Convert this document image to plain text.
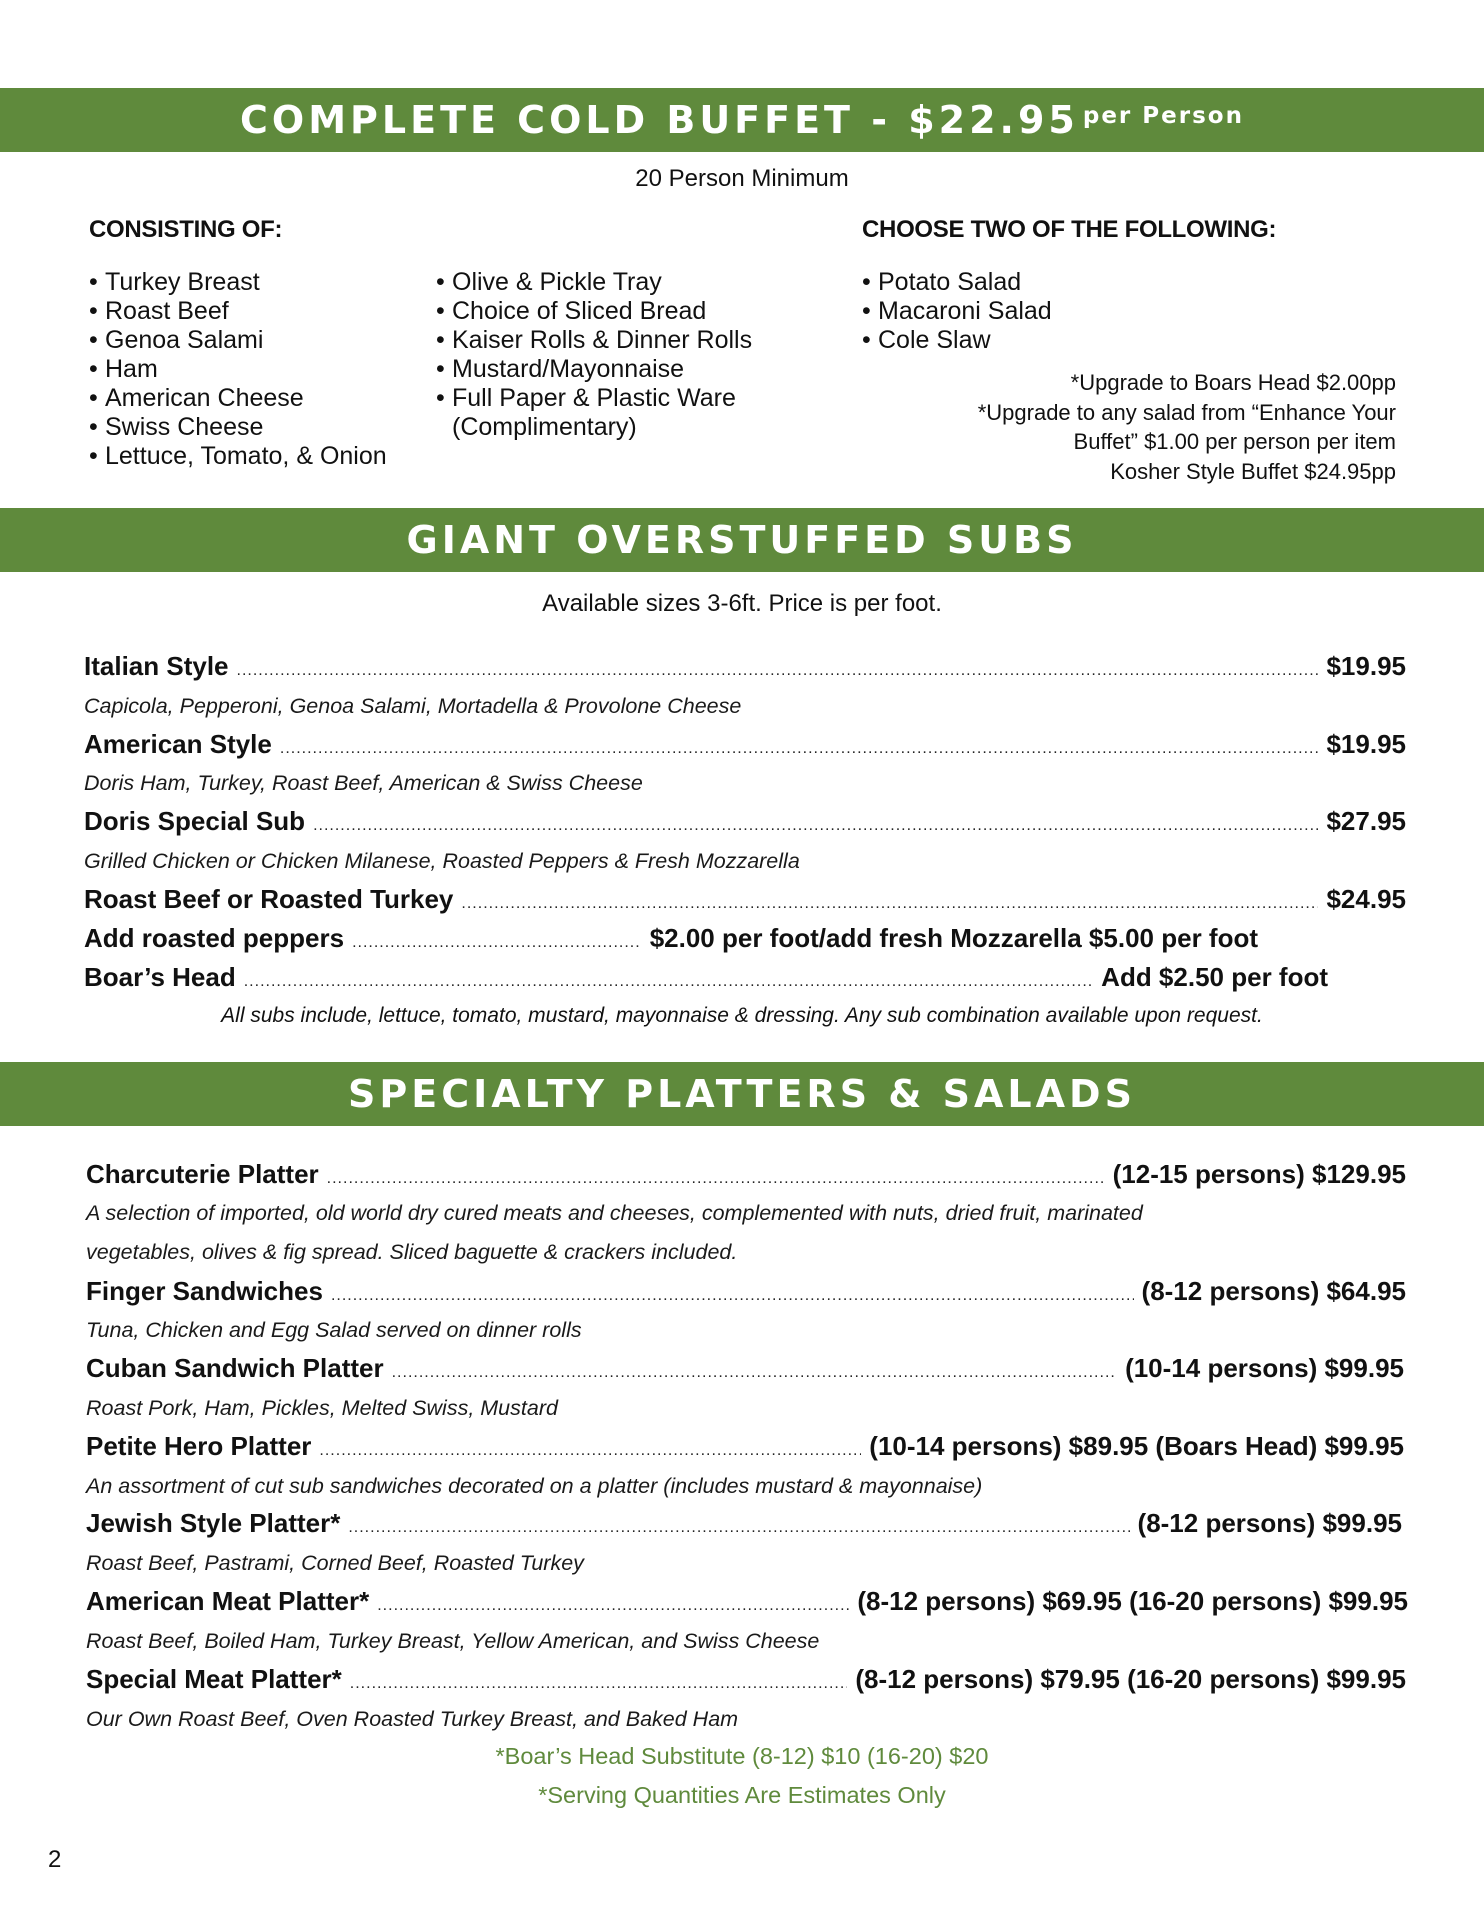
COMPLETE COLD BUFFET - $22.95 per Person
20 Person Minimum
CONSISTING OF:	CHOOSE TWO OF THE FOLLOWING:
• Turkey Breast
• Roast Beef
• Genoa Salami
• Ham
• American Cheese
• Swiss Cheese
• Lettuce, Tomato, & Onion
• Olive & Pickle Tray
• Choice of Sliced Bread
• Kaiser Rolls & Dinner Rolls
• Mustard/Mayonnaise
• Full Paper & Plastic Ware
(Complimentary)
• Potato Salad
• Macaroni Salad
• Cole Slaw
*Upgrade to Boars Head $2.00pp
*Upgrade to any salad from “Enhance Your
Buffet” $1.00 per person per item
Kosher Style Buffet $24.95pp
GIANT OVERSTUFFED SUBS
Available sizes 3-6ft. Price is per foot.
Italian Style .....	$19.95
Capicola, Pepperoni, Genoa Salami, Mortadella & Provolone Cheese
American Style .....	$19.95
Doris Ham, Turkey, Roast Beef, American & Swiss Cheese
Doris Special Sub .....	$27.95
Grilled Chicken or Chicken Milanese, Roasted Peppers & Fresh Mozzarella
Roast Beef or Roasted Turkey .....	$24.95
Add roasted peppers .....	$2.00 per foot/add fresh Mozzarella $5.00 per foot
Boar’s Head .....	Add $2.50 per foot
All subs include, lettuce, tomato, mustard, mayonnaise & dressing. Any sub combination available upon request.
SPECIALTY PLATTERS & SALADS
Charcuterie Platter .....	(12-15 persons) $129.95
A selection of imported, old world dry cured meats and cheeses, complemented with nuts, dried fruit, marinated
vegetables, olives & fig spread. Sliced baguette & crackers included.
Finger Sandwiches .....	(8-12 persons) $64.95
Tuna, Chicken and Egg Salad served on dinner rolls
Cuban Sandwich Platter .....	(10-14 persons) $99.95
Roast Pork, Ham, Pickles, Melted Swiss, Mustard
Petite Hero Platter .....	(10-14 persons) $89.95 (Boars Head) $99.95
An assortment of cut sub sandwiches decorated on a platter (includes mustard & mayonnaise)
Jewish Style Platter* .....	(8-12 persons) $99.95
Roast Beef, Pastrami, Corned Beef, Roasted Turkey
American Meat Platter* .....	(8-12 persons) $69.95 (16-20 persons) $99.95
Roast Beef, Boiled Ham, Turkey Breast, Yellow American, and Swiss Cheese
Special Meat Platter* .....	(8-12 persons) $79.95 (16-20 persons) $99.95
Our Own Roast Beef, Oven Roasted Turkey Breast, and Baked Ham
*Boar’s Head Substitute (8-12) $10 (16-20) $20
*Serving Quantities Are Estimates Only
2
